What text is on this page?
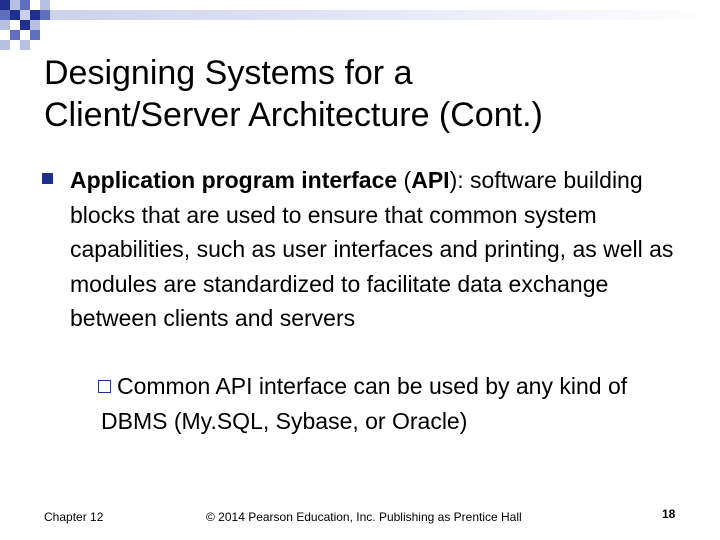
Designing Systems for a
Client/Server Architecture (Cont.)
Application program interface (API): software building blocks that are used to ensure that common system capabilities, such as user interfaces and printing, as well as modules are standardized to facilitate data exchange between clients and servers
Common API interface can be used by any kind of DBMS (My.SQL, Sybase, or Oracle)
Chapter 12	© 2014 Pearson Education, Inc. Publishing as Prentice Hall	18
